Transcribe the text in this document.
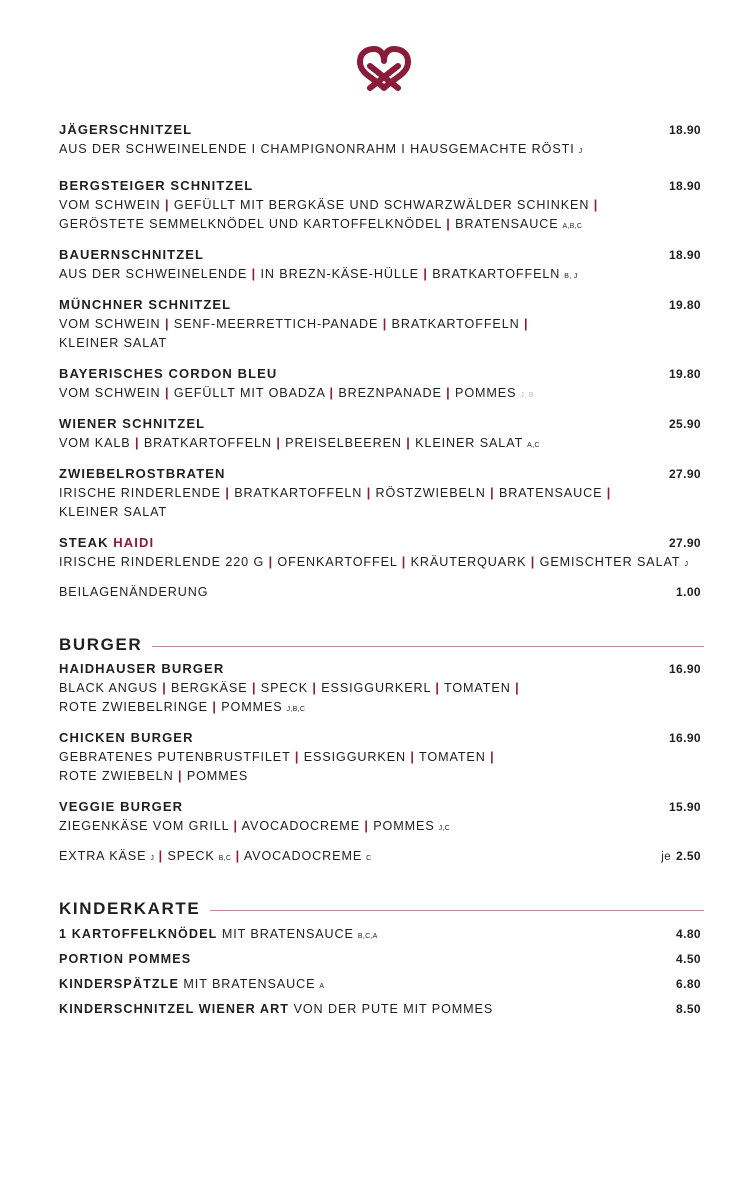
JÄGERSCHNITZEL	18.90
AUS DER SCHWEINELENDE I CHAMPIGNONRAHM I HAUSGEMACHTE RÖSTI J
BERGSTEIGER SCHNITZEL	18.90
VOM SCHWEIN | GEFÜLLT MIT BERGKÄSE UND SCHWARZWÄLDER SCHINKEN |
GERÖSTETE SEMMELKNÖDEL UND KARTOFFELKNÖDEL | BRATENSAUCE A,B,C
BAUERNSCHNITZEL	18.90
AUS DER SCHWEINELENDE | IN BREZN-KÄSE-HÜLLE | BRATKARTOFFELN B, J
MÜNCHNER SCHNITZEL	19.80
VOM SCHWEIN | SENF-MEERRETTICH-PANADE | BRATKARTOFFELN |
KLEINER SALAT
BAYERISCHES CORDON BLEU	19.80
VOM SCHWEIN | GEFÜLLT MIT OBADZA | BREZNPANADE | POMMES J, B
WIENER SCHNITZEL	25.90
VOM KALB | BRATKARTOFFELN | PREISELBEEREN | KLEINER SALAT A,C
ZWIEBELROSTBRATEN	27.90
IRISCHE RINDERLENDE | BRATKARTOFFELN | RÖSTZWIEBELN | BRATENSAUCE |
KLEINER SALAT
STEAK HAIDI	27.90
IRISCHE RINDERLENDE 220 G | OFENKARTOFFEL | KRÄUTERQUARK | GEMISCHTER SALAT J
BEILAGENÄNDERUNG	1.00
BURGER
HAIDHAUSER BURGER	16.90
BLACK ANGUS | BERGKÄSE | SPECK | ESSIGGURKERL | TOMATEN |
ROTE ZWIEBELRINGE | POMMES J,B,C
CHICKEN BURGER	16.90
GEBRATENES PUTENBRUSTFILET | ESSIGGURKEN | TOMATEN |
ROTE ZWIEBELN | POMMES
VEGGIE BURGER	15.90
ZIEGENKÄSE VOM GRILL | AVOCADOCREME | POMMES J,C
EXTRA KÄSE J | SPECK B,C | AVOCADOCREME C	je 2.50
KINDERKARTE
1 KARTOFFELKNÖDEL MIT BRATENSAUCE B,C,A	4.80
PORTION POMMES	4.50
KINDERSPÄTZLE MIT BRATENSAUCE A	6.80
KINDERSCHNITZEL WIENER ART VON DER PUTE MIT POMMES	8.50
